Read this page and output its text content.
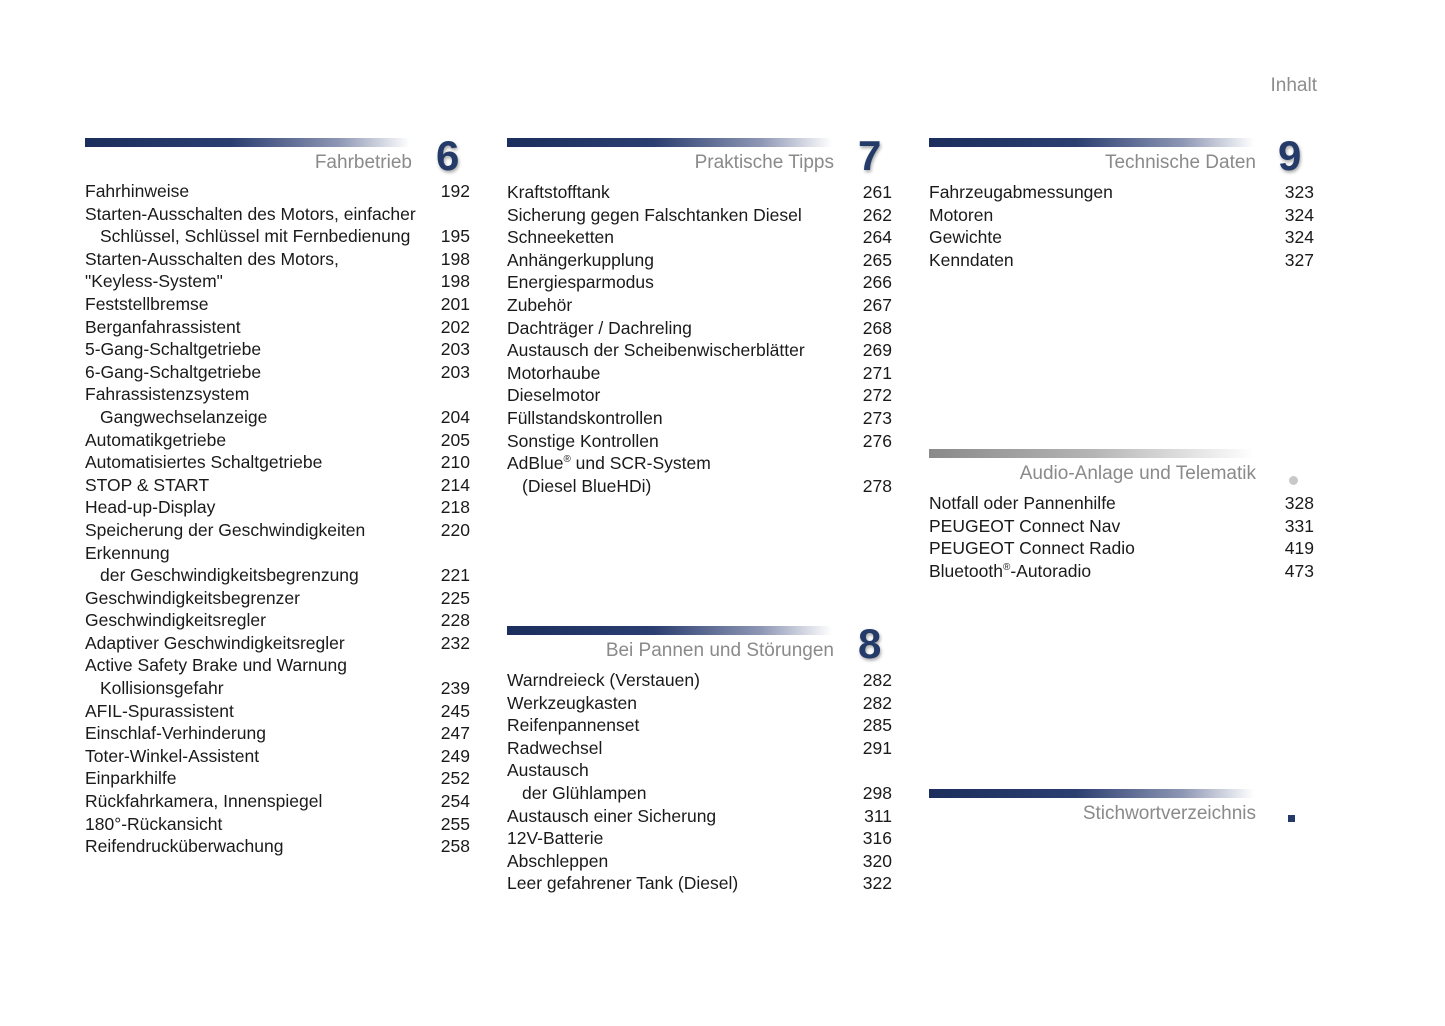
Inhalt
Fahrbetrieb 6
Fahrhinweise	192
Starten-Ausschalten des Motors, einfacher
Schlüssel, Schlüssel mit Fernbedienung	195
Starten-Ausschalten des Motors,	198
"Keyless-System"	198
Feststellbremse	201
Berganfahrassistent	202
5-Gang-Schaltgetriebe	203
6-Gang-Schaltgetriebe	203
Fahrassistenzsystem
Gangwechselanzeige	204
Automatikgetriebe	205
Automatisiertes Schaltgetriebe	210
STOP & START	214
Head-up-Display	218
Speicherung der Geschwindigkeiten	220
Erkennung
der Geschwindigkeitsbegrenzung	221
Geschwindigkeitsbegrenzer	225
Geschwindigkeitsregler	228
Adaptiver Geschwindigkeitsregler	232
Active Safety Brake und Warnung
Kollisionsgefahr	239
AFIL-Spurassistent	245
Einschlaf-Verhinderung	247
Toter-Winkel-Assistent	249
Einparkhilfe	252
Rückfahrkamera, Innenspiegel	254
180°-Rückansicht	255
Reifendrucküberwachung	258
Praktische Tipps 7
Kraftstofftank	261
Sicherung gegen Falschtanken Diesel	262
Schneeketten	264
Anhängerkupplung	265
Energiesparmodus	266
Zubehör	267
Dachträger / Dachreling	268
Austausch der Scheibenwischerblätter	269
Motorhaube	271
Dieselmotor	272
Füllstandskontrollen	273
Sonstige Kontrollen	276
AdBlue® und SCR-System
(Diesel BlueHDi)	278
Bei Pannen und Störungen 8
Warndreieck (Verstauen)	282
Werkzeugkasten	282
Reifenpannenset	285
Radwechsel	291
Austausch
der Glühlampen	298
Austausch einer Sicherung	311
12V-Batterie	316
Abschleppen	320
Leer gefahrener Tank (Diesel)	322
Technische Daten 9
Fahrzeugabmessungen	323
Motoren	324
Gewichte	324
Kenndaten	327
Audio-Anlage und Telematik
Notfall oder Pannenhilfe	328
PEUGEOT Connect Nav	331
PEUGEOT Connect Radio	419
Bluetooth®-Autoradio	473
Stichwortverzeichnis
